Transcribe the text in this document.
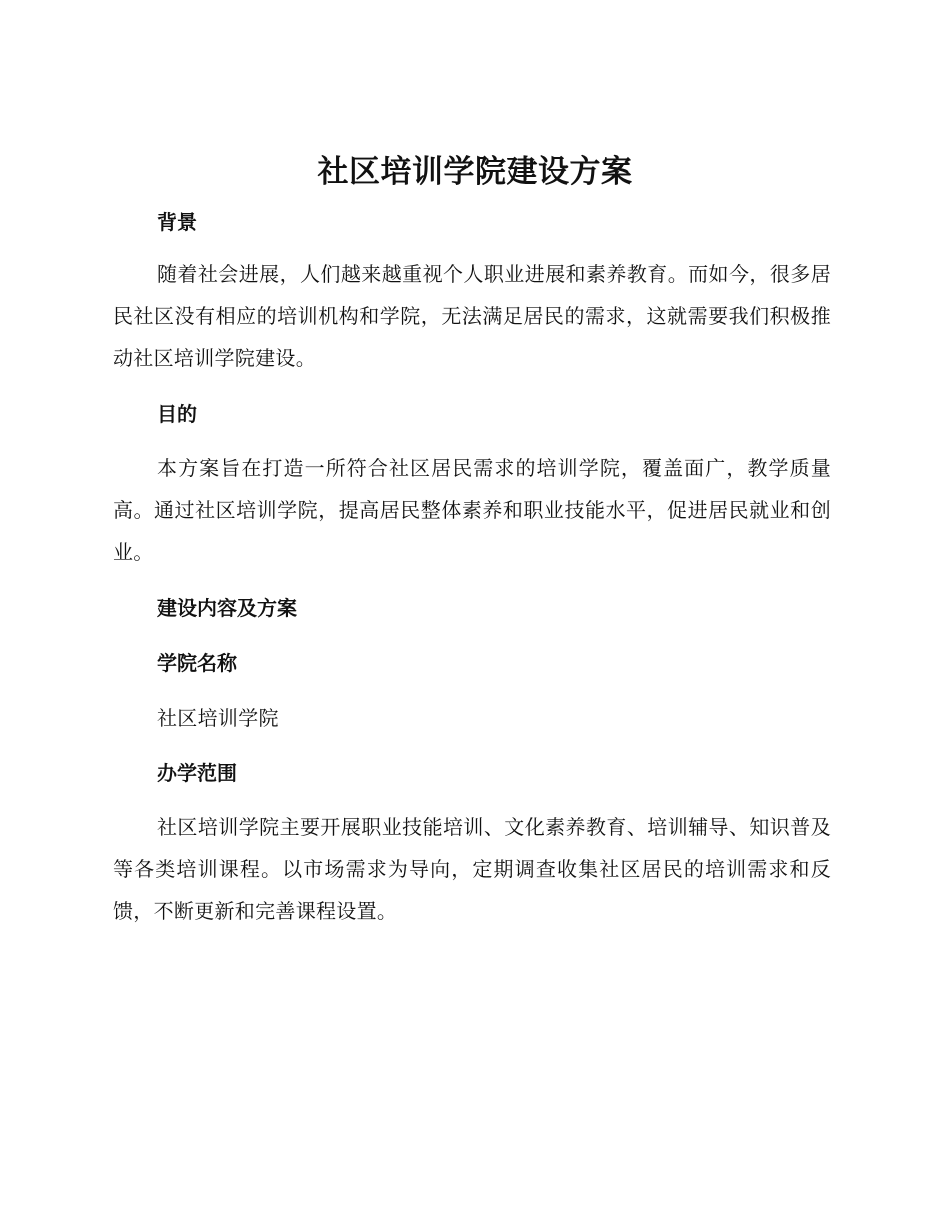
社区培训学院建设方案
背景

随着社会进展，人们越来越重视个人职业进展和素养教育。而如今，很多居民社区没有相应的培训机构和学院，无法满足居民的需求，这就需要我们积极推动社区培训学院建设。

目的

本方案旨在打造一所符合社区居民需求的培训学院，覆盖面广，教学质量高。通过社区培训学院，提高居民整体素养和职业技能水平，促进居民就业和创业。

建设内容及方案
学院名称

社区培训学院

办学范围

社区培训学院主要开展职业技能培训、文化素养教育、培训辅导、知识普及等各类培训课程。以市场需求为导向，定期调查收集社区居民的培训需求和反馈，不断更新和完善课程设置。
